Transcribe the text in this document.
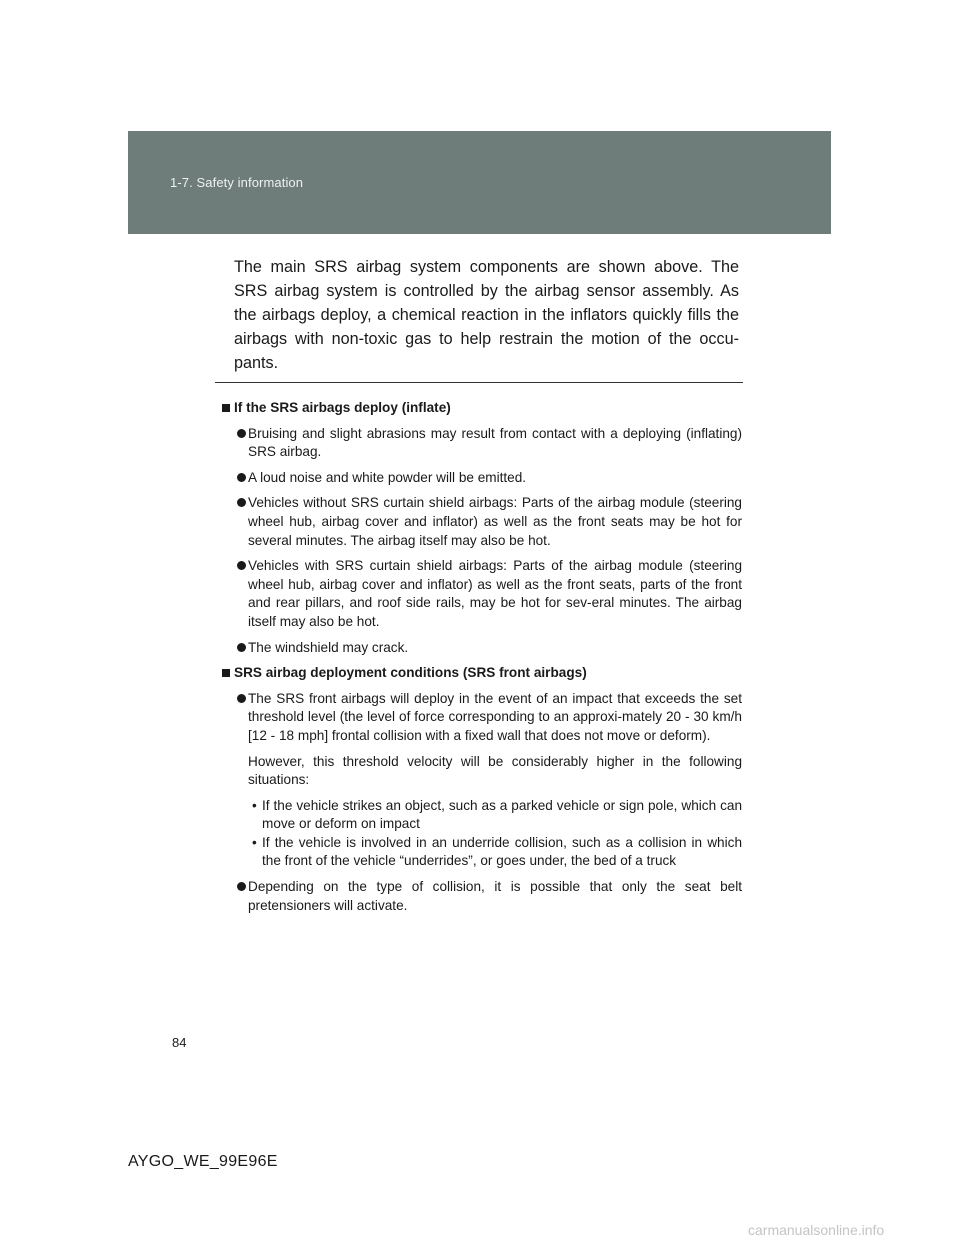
1-7. Safety information
The main SRS airbag system components are shown above. The SRS airbag system is controlled by the airbag sensor assembly. As the airbags deploy, a chemical reaction in the inflators quickly fills the airbags with non-toxic gas to help restrain the motion of the occu-pants.
If the SRS airbags deploy (inflate)
Bruising and slight abrasions may result from contact with a deploying (inflating) SRS airbag.
A loud noise and white powder will be emitted.
Vehicles without SRS curtain shield airbags: Parts of the airbag module (steering wheel hub, airbag cover and inflator) as well as the front seats may be hot for several minutes. The airbag itself may also be hot.
Vehicles with SRS curtain shield airbags: Parts of the airbag module (steering wheel hub, airbag cover and inflator) as well as the front seats, parts of the front and rear pillars, and roof side rails, may be hot for sev-eral minutes. The airbag itself may also be hot.
The windshield may crack.
SRS airbag deployment conditions (SRS front airbags)
The SRS front airbags will deploy in the event of an impact that exceeds the set threshold level (the level of force corresponding to an approxi-mately 20 - 30 km/h [12 - 18 mph] frontal collision with a fixed wall that does not move or deform).
However, this threshold velocity will be considerably higher in the following situations:
• If the vehicle strikes an object, such as a parked vehicle or sign pole, which can move or deform on impact
• If the vehicle is involved in an underride collision, such as a collision in which the front of the vehicle “underrides”, or goes under, the bed of a truck
Depending on the type of collision, it is possible that only the seat belt pretensioners will activate.
84
AYGO_WE_99E96E
carmanualsonline.info
